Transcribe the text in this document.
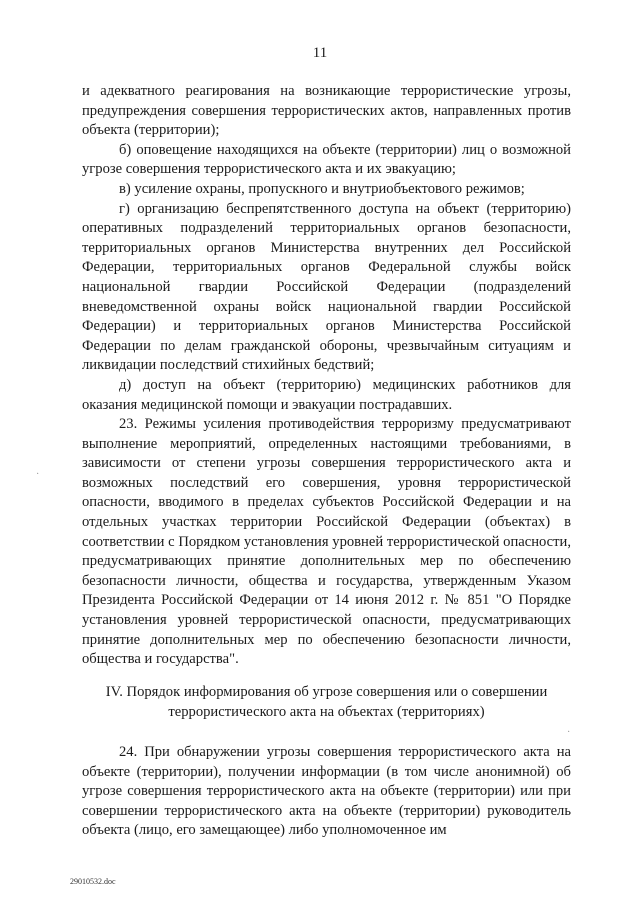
11

и адекватного реагирования на возникающие террористические угрозы, предупреждения совершения террористических актов, направленных против объекта (территории);

б) оповещение находящихся на объекте (территории) лиц о возможной угрозе совершения террористического акта и их эвакуацию;

в) усиление охраны, пропускного и внутриобъектового режимов;

г) организацию беспрепятственного доступа на объект (территорию) оперативных подразделений территориальных органов безопасности, территориальных органов Министерства внутренних дел Российской Федерации, территориальных органов Федеральной службы войск национальной гвардии Российской Федерации (подразделений вневедомственной охраны войск национальной гвардии Российской Федерации) и территориальных органов Министерства Российской Федерации по делам гражданской обороны, чрезвычайным ситуациям и ликвидации последствий стихийных бедствий;

д) доступ на объект (территорию) медицинских работников для оказания медицинской помощи и эвакуации пострадавших.

23. Режимы усиления противодействия терроризму предусматривают выполнение мероприятий, определенных настоящими требованиями, в зависимости от степени угрозы совершения террористического акта и возможных последствий его совершения, уровня террористической опасности, вводимого в пределах субъектов Российской Федерации и на отдельных участках территории Российской Федерации (объектах) в соответствии с Порядком установления уровней террористической опасности, предусматривающих принятие дополнительных мер по обеспечению безопасности личности, общества и государства, утвержденным Указом Президента Российской Федерации от 14 июня 2012 г. № 851 "О Порядке установления уровней террористической опасности, предусматривающих принятие дополнительных мер по обеспечению безопасности личности, общества и государства".

IV. Порядок информирования об угрозе совершения или о совершении
террористического акта на объектах (территориях)

24. При обнаружении угрозы совершения террористического акта на объекте (территории), получении информации (в том числе анонимной) об угрозе совершения террористического акта на объекте (территории) или при совершении террористического акта на объекте (территории) руководитель объекта (лицо, его замещающее) либо уполномоченное им

29010532.doc
·
·
